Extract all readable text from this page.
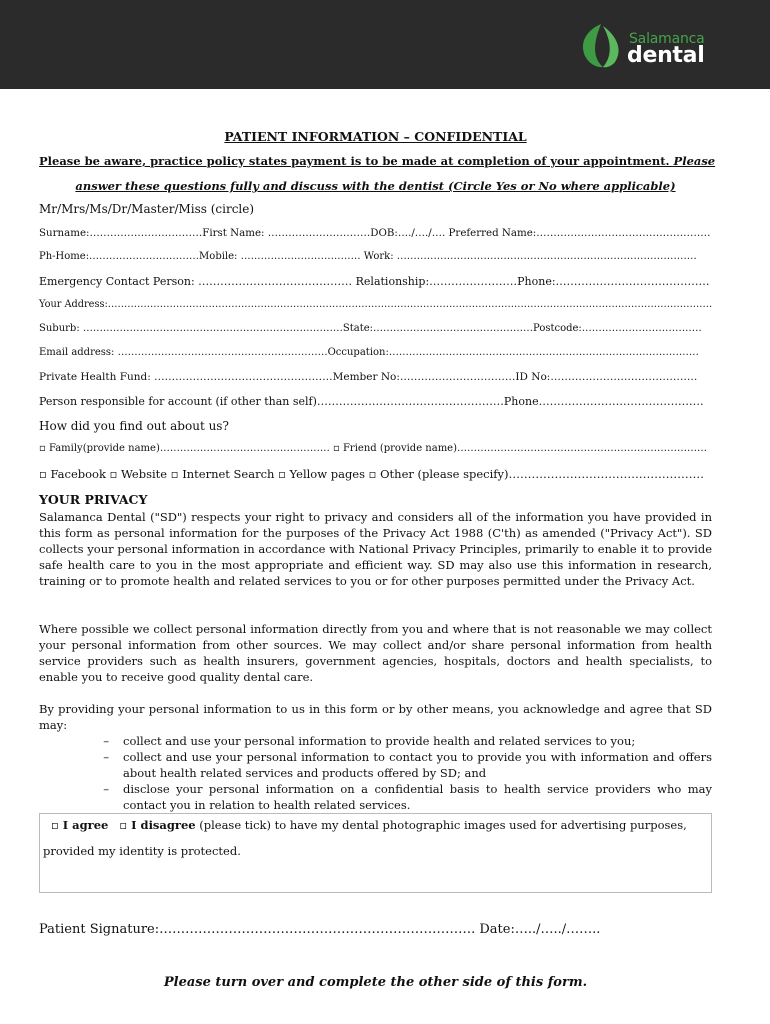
Salamanca
dental
PATIENT INFORMATION – CONFIDENTIAL
Please be aware, practice policy states payment is to be made at completion of your appointment. Please
answer these questions fully and discuss with the dentist (Circle Yes or No where applicable)
Mr/Mrs/Ms/Dr/Master/Miss (circle)
Surname:……………………………First Name: …………………………DOB:…./…./…. Preferred Name:……………………………………………
Ph-Home:……………………………Mobile: ……………………………… Work: ………………………………………………………………………………
Emergency Contact Person: …………………………………… Relationship:……………………Phone:……………………………………
Your Address:……………………………………………………………………………………………………………………………………………………………………
Suburb: ……………………………………………………………………State:…………………………………………Postcode:………………………………
Email address: ………………………………………………………Occupation:…………………………………………………………………………………
Private Health Fund: ……………………………………………Member No:……………………………ID No:……………………………………
Person responsible for account (if other than self)……………………………………………Phone………………………………………
How did you find out about us?
▫ Family(provide name)…………………………………………… ▫ Friend (provide name)…………………………………………………………………
▫ Facebook ▫ Website ▫ Internet Search ▫ Yellow pages ▫ Other (please specify)……………………………………………
YOUR PRIVACY
Salamanca Dental ("SD") respects your right to privacy and considers all of the information you have provided in this form as personal information for the purposes of the Privacy Act 1988 (C'th) as amended ("Privacy Act"). SD collects your personal information in accordance with National Privacy Principles, primarily to enable it to provide safe health care to you in the most appropriate and efficient way. SD may also use this information in research, training or to promote health and related services to you or for other purposes permitted under the Privacy Act.
Where possible we collect personal information directly from you and where that is not reasonable we may collect your personal information from other sources. We may collect and/or share personal information from health service providers such as health insurers, government agencies, hospitals, doctors and health specialists, to enable you to receive good quality dental care.
By providing your personal information to us in this form or by other means, you acknowledge and agree that SD may:
–	collect and use your personal information to provide health and related services to you;
–	collect and use your personal information to contact you to provide you with information and offers about health related services and products offered by SD; and
–	disclose your personal information on a confidential basis to health service providers who may contact you in relation to health related services.
▫ I agree ▫ I disagree (please tick) to have my dental photographic images used for advertising purposes,
provided my identity is protected.
Patient Signature:………………………………………………………………. Date:…../…../……..
Please turn over and complete the other side of this form.
